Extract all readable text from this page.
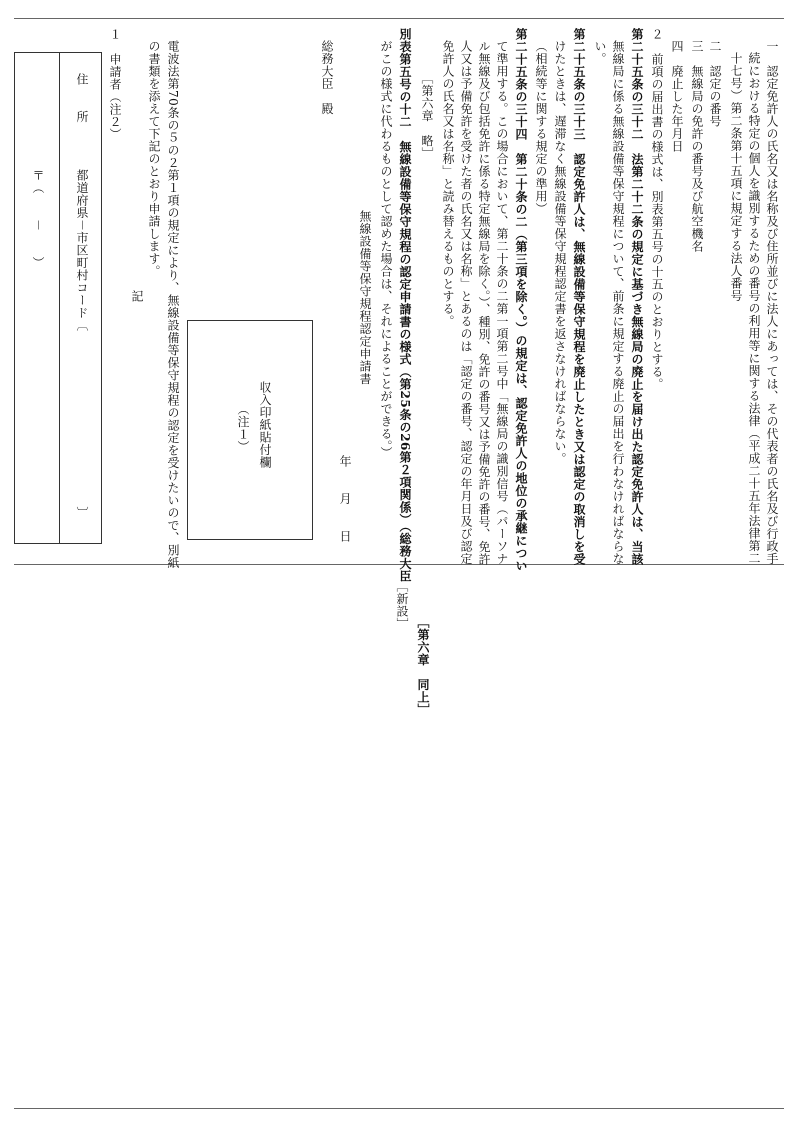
一　認定免許人の氏名又は名称及び住所並びに法人にあっては、その代表者の氏名及び行政手
続における特定の個人を識別するための番号の利用等に関する法律（平成二十五年法律第二
十七号）第二条第十五項に規定する法人番号
二　認定の番号
三　無線局の免許の番号及び航空機名
四　廃止した年月日
２　前項の届出書の様式は、別表第五号の十五のとおりとする。
第二十五条の三十二　法第二十二条の規定に基づき無線局の廃止を届け出た認定免許人は、当該
無線局に係る無線設備等保守規程について、前条に規定する廃止の届出を行わなければならな
い。
第二十五条の三十三　認定免許人は、無線設備等保守規程を廃止したとき又は認定の取消しを受
けたときは、遅滞なく無線設備等保守規程認定書を返さなければならない。
（相続等に関する規定の準用）
第二十五条の三十四　第二十条の二（第三項を除く。）の規定は、認定免許人の地位の承継につい
て準用する。この場合において、第二十条の二第一項第二号中「無線局の識別信号（パーソナ
ル無線及び包括免許に係る特定無線局を除く。）、種別、免許の番号又は予備免許の番号、免許
人又は予備免許を受けた者の氏名又は名称」とあるのは「認定の番号、認定の年月日及び認定
免許人の氏名又は名称」と読み替えるものとする。
［第六章　略］
別表第五号の十二　無線設備等保守規程の認定申請書の様式（第25条の26第２項関係）（総務大臣
がこの様式に代わるものとして認めた場合は、それによることができる。）
無線設備等保守規程認定申請書
年　　月　　日
総務大臣　殿
収入印紙貼付欄
（注１）
電波法第70条の５の２第１項の規定により、無線設備等保守規程の認定を受けたいので、別紙
の書類を添えて下記のとおり申請します。
記
１　申請者（注２）
住　　所
都道府県－市区町村コード〔　　　　　　　　　　　　　　〕
〒（　　－　　）
［新設］
［第六章　同上］
